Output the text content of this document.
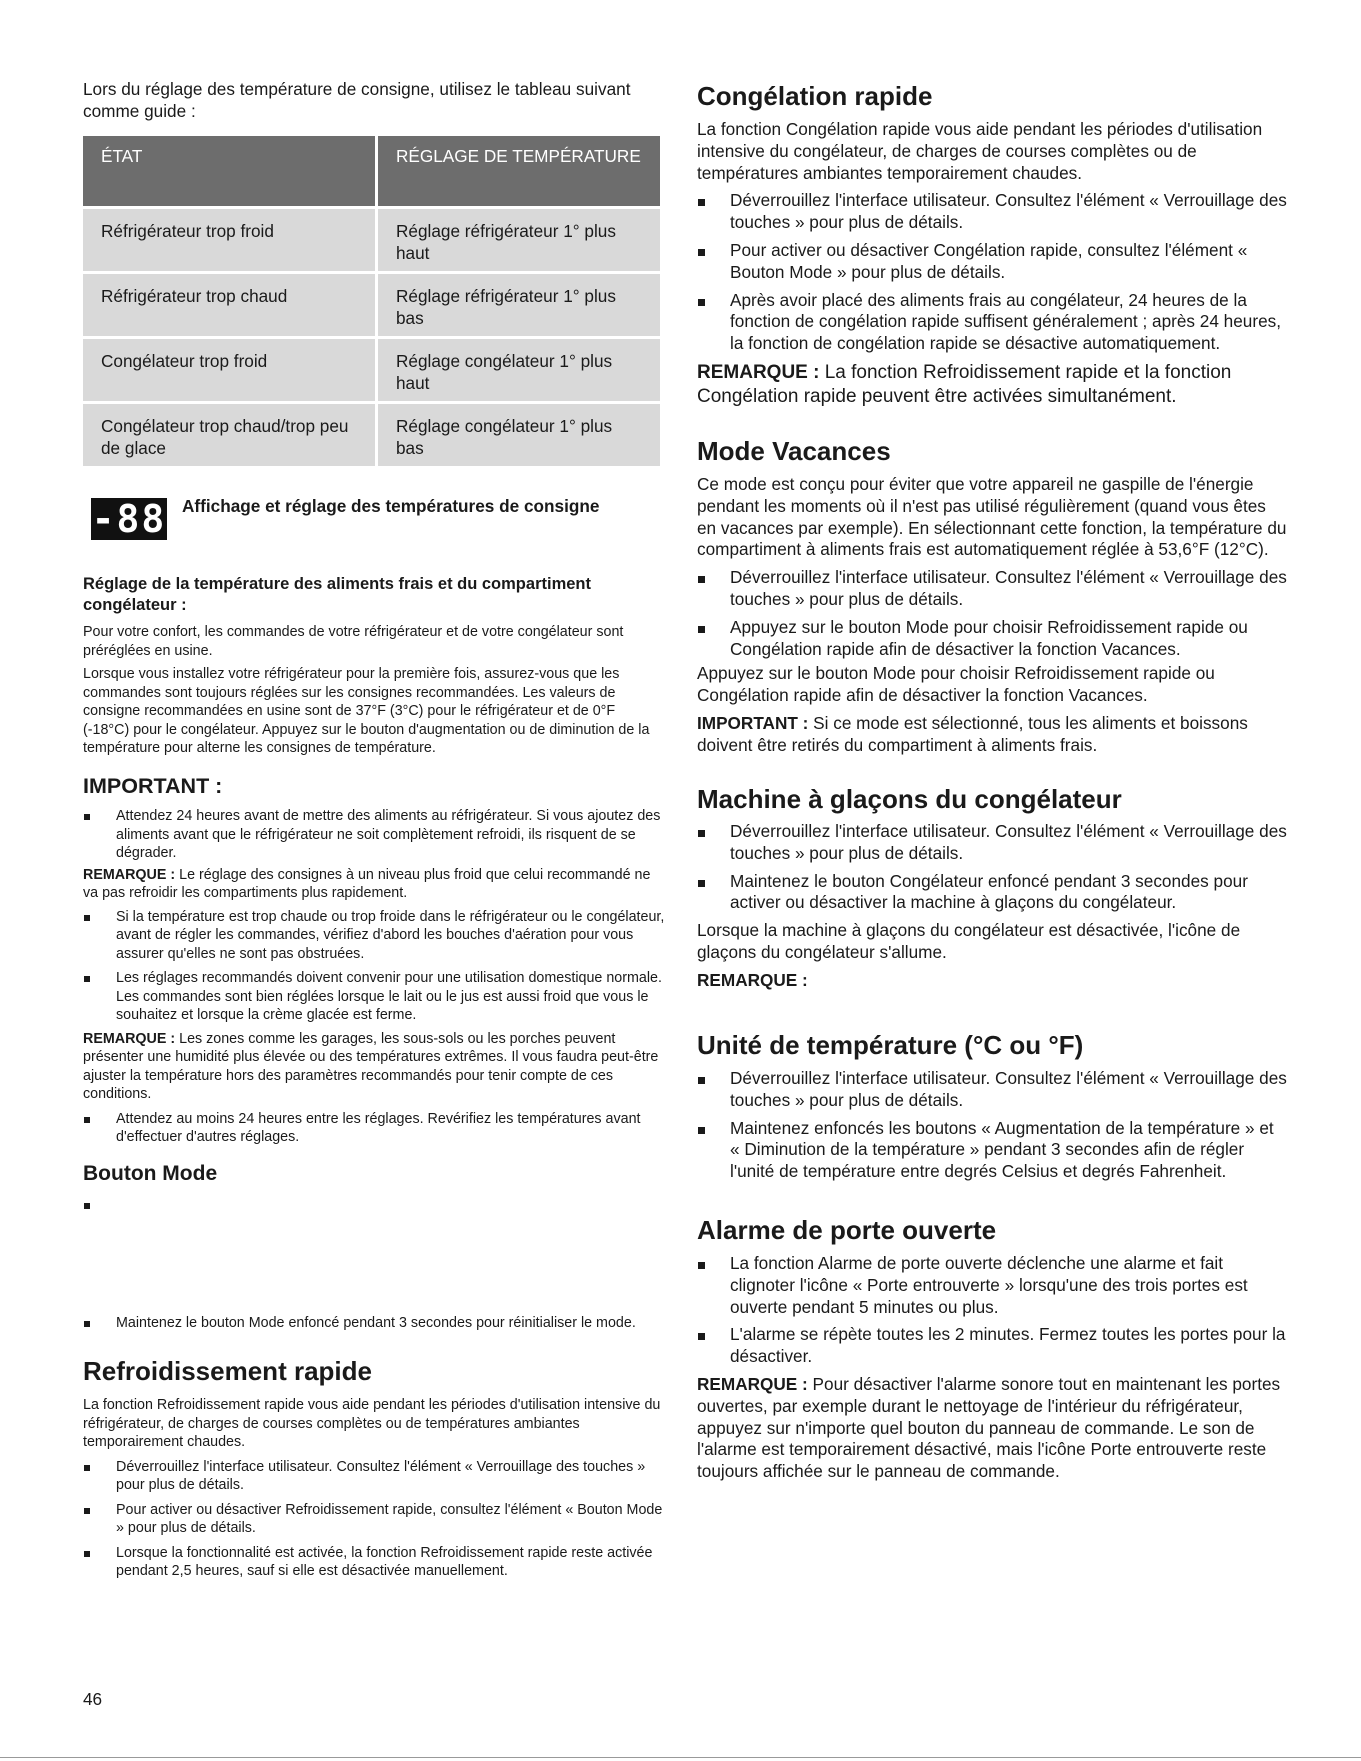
Lors du réglage des température de consigne, utilisez le tableau suivant comme guide :

ÉTAT	RÉGLAGE DE TEMPÉRATURE
Réfrigérateur trop froid	Réglage réfrigérateur 1° plus haut
Réfrigérateur trop chaud	Réglage réfrigérateur 1° plus bas
Congélateur trop froid	Réglage congélateur 1° plus haut
Congélateur trop chaud/trop peu de glace	Réglage congélateur 1° plus bas
-88 Affichage et réglage des températures de consigne
Réglage de la température des aliments frais et du compartiment congélateur :

Pour votre confort, les commandes de votre réfrigérateur et de votre congélateur sont préréglées en usine.

Lorsque vous installez votre réfrigérateur pour la première fois, assurez-vous que les commandes sont toujours réglées sur les consignes recommandées. Les valeurs de consigne recommandées en usine sont de 37°F (3°C) pour le réfrigérateur et de 0°F (-18°C) pour le congélateur. Appuyez sur le bouton d'augmentation ou de diminution de la température pour alterne les consignes de température.

IMPORTANT :

Attendez 24 heures avant de mettre des aliments au réfrigérateur. Si vous ajoutez des aliments avant que le réfrigérateur ne soit complètement refroidi, ils risquent de se dégrader.

REMARQUE : Le réglage des consignes à un niveau plus froid que celui recommandé ne va pas refroidir les compartiments plus rapidement.

Si la température est trop chaude ou trop froide dans le réfrigérateur ou le congélateur, avant de régler les commandes, vérifiez d'abord les bouches d'aération pour vous assurer qu'elles ne sont pas obstruées.

Les réglages recommandés doivent convenir pour une utilisation domestique normale. Les commandes sont bien réglées lorsque le lait ou le jus est aussi froid que vous le souhaitez et lorsque la crème glacée est ferme.

REMARQUE : Les zones comme les garages, les sous-sols ou les porches peuvent présenter une humidité plus élevée ou des températures extrêmes. Il vous faudra peut-être ajuster la température hors des paramètres recommandés pour tenir compte de ces conditions.

Attendez au moins 24 heures entre les réglages. Revérifiez les températures avant d'effectuer d'autres réglages.

Bouton Mode

Maintenez le bouton Mode enfoncé pendant 3 secondes pour réinitialiser le mode.

Refroidissement rapide

La fonction Refroidissement rapide vous aide pendant les périodes d'utilisation intensive du réfrigérateur, de charges de courses complètes ou de températures ambiantes temporairement chaudes.

Déverrouillez l'interface utilisateur. Consultez l'élément « Verrouillage des touches » pour plus de détails.

Pour activer ou désactiver Refroidissement rapide, consultez l'élément « Bouton Mode » pour plus de détails.

Lorsque la fonctionnalité est activée, la fonction Refroidissement rapide reste activée pendant 2,5 heures, sauf si elle est désactivée manuellement.

46
Congélation rapide

La fonction Congélation rapide vous aide pendant les périodes d'utilisation intensive du congélateur, de charges de courses complètes ou de températures ambiantes temporairement chaudes.

Déverrouillez l'interface utilisateur. Consultez l'élément « Verrouillage des touches » pour plus de détails.

Pour activer ou désactiver Congélation rapide, consultez l'élément « Bouton Mode » pour plus de détails.

Après avoir placé des aliments frais au congélateur, 24 heures de la fonction de congélation rapide suffisent généralement ; après 24 heures, la fonction de congélation rapide se désactive automatiquement.

REMARQUE : La fonction Refroidissement rapide et la fonction Congélation rapide peuvent être activées simultanément.

Mode Vacances

Ce mode est conçu pour éviter que votre appareil ne gaspille de l'énergie pendant les moments où il n'est pas utilisé régulièrement (quand vous êtes en vacances par exemple). En sélectionnant cette fonction, la température du compartiment à aliments frais est automatiquement réglée à 53,6°F (12°C).

Déverrouillez l'interface utilisateur. Consultez l'élément « Verrouillage des touches » pour plus de détails.

Appuyez sur le bouton Mode pour choisir Refroidissement rapide ou Congélation rapide afin de désactiver la fonction Vacances.

Appuyez sur le bouton Mode pour choisir Refroidissement rapide ou Congélation rapide afin de désactiver la fonction Vacances.

IMPORTANT : Si ce mode est sélectionné, tous les aliments et boissons doivent être retirés du compartiment à aliments frais.

Machine à glaçons du congélateur

Déverrouillez l'interface utilisateur. Consultez l'élément « Verrouillage des touches » pour plus de détails.

Maintenez le bouton Congélateur enfoncé pendant 3 secondes pour activer ou désactiver la machine à glaçons du congélateur.

Lorsque la machine à glaçons du congélateur est désactivée, l'icône de glaçons du congélateur s'allume.

REMARQUE :

Unité de température (°C ou °F)

Déverrouillez l'interface utilisateur. Consultez l'élément « Verrouillage des touches » pour plus de détails.

Maintenez enfoncés les boutons « Augmentation de la température » et « Diminution de la température » pendant 3 secondes afin de régler l'unité de température entre degrés Celsius et degrés Fahrenheit.

Alarme de porte ouverte

La fonction Alarme de porte ouverte déclenche une alarme et fait clignoter l'icône « Porte entrouverte » lorsqu'une des trois portes est ouverte pendant 5 minutes ou plus.

L'alarme se répète toutes les 2 minutes. Fermez toutes les portes pour la désactiver.

REMARQUE : Pour désactiver l'alarme sonore tout en maintenant les portes ouvertes, par exemple durant le nettoyage de l'intérieur du réfrigérateur, appuyez sur n'importe quel bouton du panneau de commande. Le son de l'alarme est temporairement désactivé, mais l'icône Porte entrouverte reste toujours affichée sur le panneau de commande.
